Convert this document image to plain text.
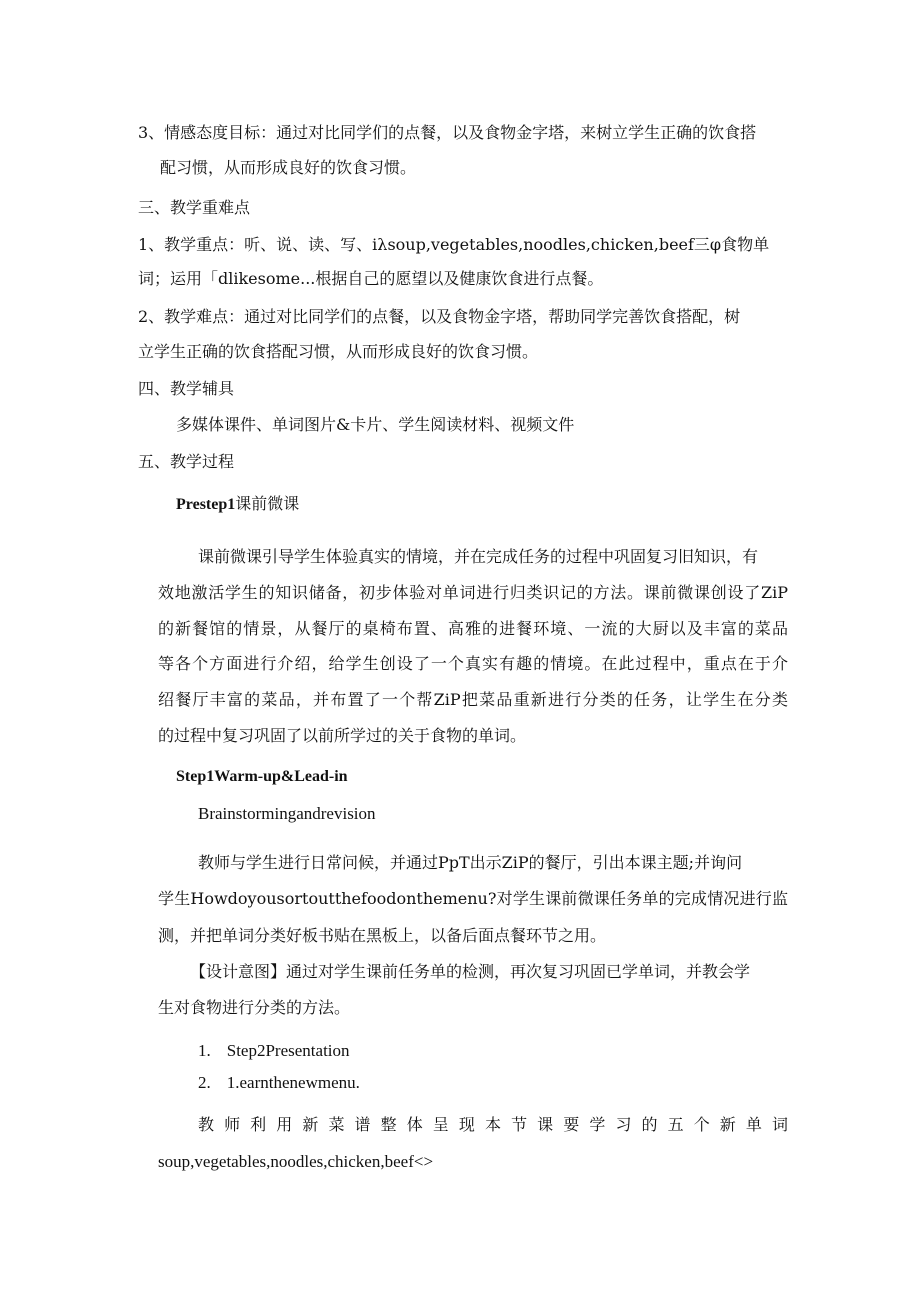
3、情感态度目标：通过对比同学们的点餐，以及食物金字塔，来树立学生正确的饮食搭
配习惯，从而形成良好的饮食习惯。
三、教学重难点
1、教学重点：听、说、读、写、iλsoup,vegetables,noodles,chicken,beef三φ食物单
词；运用「dlikesome...根据自己的愿望以及健康饮食进行点餐。
2、教学难点：通过对比同学们的点餐，以及食物金字塔，帮助同学完善饮食搭配，树
立学生正确的饮食搭配习惯，从而形成良好的饮食习惯。
四、教学辅具
多媒体课件、单词图片&卡片、学生阅读材料、视频文件
五、教学过程
Prestep1课前微课
课前微课引导学生体验真实的情境，并在完成任务的过程中巩固复习旧知识，有
效地激活学生的知识储备，初步体验对单词进行归类识记的方法。课前微课创设了ZiP
的新餐馆的情景，从餐厅的桌椅布置、高雅的进餐环境、一流的大厨以及丰富的菜品
等各个方面进行介绍，给学生创设了一个真实有趣的情境。在此过程中，重点在于介
绍餐厅丰富的菜品，并布置了一个帮ZiP把菜品重新进行分类的任务，让学生在分类
的过程中复习巩固了以前所学过的关于食物的单词。
Step1Warm-up&Lead-in
Brainstormingandrevision
教师与学生进行日常问候，并通过PpT出示ZiP的餐厅，引出本课主题;并询问
学生Howdoyousortoutthefoodonthemenu?对学生课前微课任务单的完成情况进行监
测，并把单词分类好板书贴在黑板上，以备后面点餐环节之用。
【设计意图】通过对学生课前任务单的检测，再次复习巩固已学单词，并教会学
生对食物进行分类的方法。
1. Step2Presentation
2. 1.earnthenewmenu.
教师利用新菜谱整体呈现本节课要学习的五个新单词
soup,vegetables,noodles,chicken,beef<>
